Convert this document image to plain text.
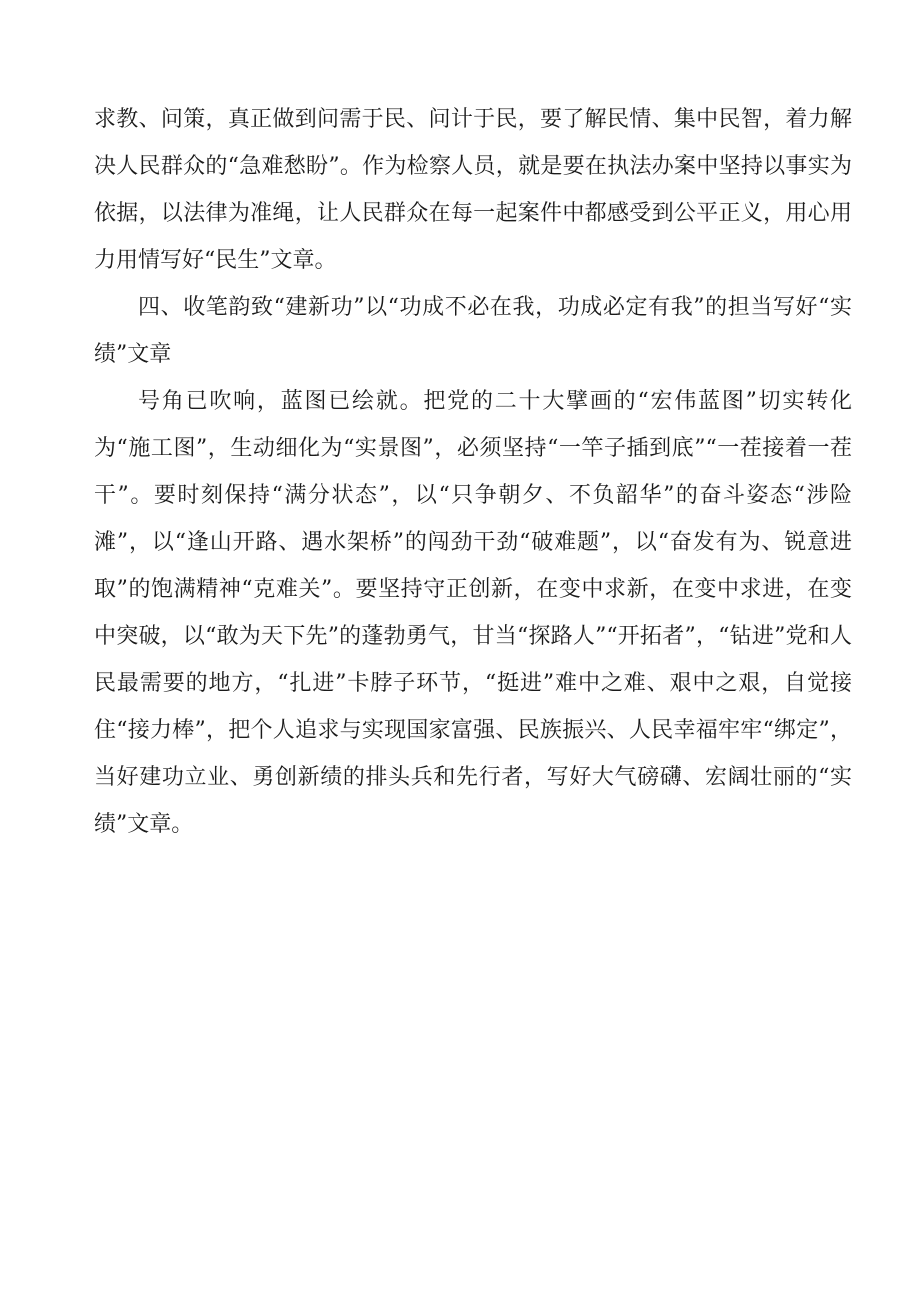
求教、问策，真正做到问需于民、问计于民，要了解民情、集中民智，着力解决人民群众的“急难愁盼”。作为检察人员，就是要在执法办案中坚持以事实为依据，以法律为准绳，让人民群众在每一起案件中都感受到公平正义，用心用力用情写好“民生”文章。

四、收笔韵致“建新功”以“功成不必在我，功成必定有我”的担当写好“实绩”文章

号角已吹响，蓝图已绘就。把党的二十大擘画的“宏伟蓝图”切实转化为“施工图”，生动细化为“实景图”，必须坚持“一竿子插到底”“一茬接着一茬干”。要时刻保持“满分状态”，以“只争朝夕、不负韶华”的奋斗姿态“涉险滩”，以“逢山开路、遇水架桥”的闯劲干劲“破难题”，以“奋发有为、锐意进取”的饱满精神“克难关”。要坚持守正创新，在变中求新，在变中求进，在变中突破，以“敢为天下先”的蓬勃勇气，甘当“探路人”“开拓者”，“钻进”党和人民最需要的地方，“扎进”卡脖子环节，“挺进”难中之难、艰中之艰，自觉接住“接力棒”，把个人追求与实现国家富强、民族振兴、人民幸福牢牢“绑定”，当好建功立业、勇创新绩的排头兵和先行者，写好大气磅礴、宏阔壮丽的“实绩”文章。
